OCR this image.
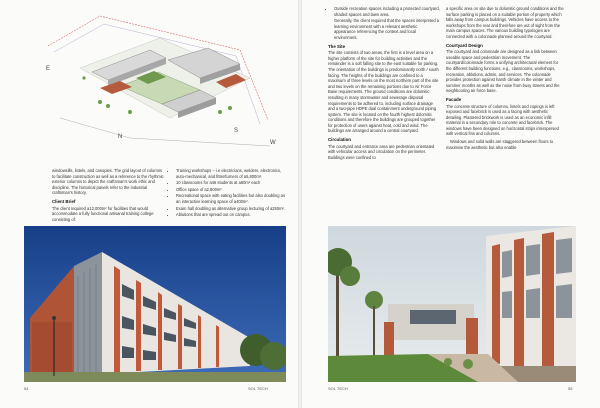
E
N
S
W

windowsills, lintels, and canopies. The grid layout of columns to facilitate construction as well as a reference to the rhythmic exterior columns to depict the craftsman's work ethic and discipline. The historical panels refer to the industrial craftsman's history.

Client Brief

The client required a12,000m² for facilities that would accommodate a fully functional artisanal training college consisting of:

• Training workshops – i.e electricians, welders, electronics, auto-mechanical, and fitter/turners of a5,800m².
• 10 classrooms for a46 students at a60m² each
• Office space of a2,800m².
• Recreational space with eating facilities but also doubling as an interactive learning space of a400m².
• Exam hall doubling as alternative group lecturing of a250m².
• Ablutions that are spread out on campus.
54	SOL TECH
• Outside recreation spaces including a protected courtyard, shaded spaces and lawn area.

Generally, the client required that the spaces interpreted a learning environment with a relevant aesthetic appearance referencing the context and local environment.

The Site

The site consists of two areas, the first is a level area on a higher platform of the site for building activities and the remainder is a soft falling site to the east suitable for parking. The orientation of the buildings is predominantly north / south facing. The heights of the buildings are confined to a maximum of three levels on the most northern part of the site and two levels on the remaining portions due to Air Force Base requirements. The ground conditions are dolomitic resulting in many stormwater and sewerage disposal requirements to be adhered to, including surface drainage and a two-pipe HDPE dual containment underground piping system. The site is located on the fourth highest dolomitic conditions and therefore the buildings are grouped together for protection of users against heat, cold and wind. The buildings are arranged around a central courtyard.

Circulation

The courtyard and entrance area are pedestrian orientated with vehicular access and circulation on the perimeter. Buildings were confined to

a specific area on site due to dolomitic ground conditions and the surface parking is placed on a suitable portion of property which falls away from campus buildings. Vehicles have access to the workshops from the rear and therefore are out of sight from the main campus spaces. The various building typologies are connected with a colonnade planned around the courtyard.

Courtyard Design

The courtyard and colonnade are designed as a link between useable space and pedestrian movement. The courtyard/colonnade forms a unifying architectural element for the different building functions, e.g., classrooms, workshops, recreation, ablutions, admin, and services. The colonnade provides protection against harsh climate in the winter and summer months as well as the noise from busy streets and the neighbouring air force base.

Facade

The concrete structure of columns, lintels and copings is left exposed and facebrick is used as a facing with aesthetic detailing. Plastered brickwork is used as an economic infill material in a secondary role to concrete and facebrick. The windows have been designed on horizontal strips interspersed with vertical fins and columns.

Windows and solid walls are staggered between floors to maximise the aesthetic but also enable

SOL TECH	55
